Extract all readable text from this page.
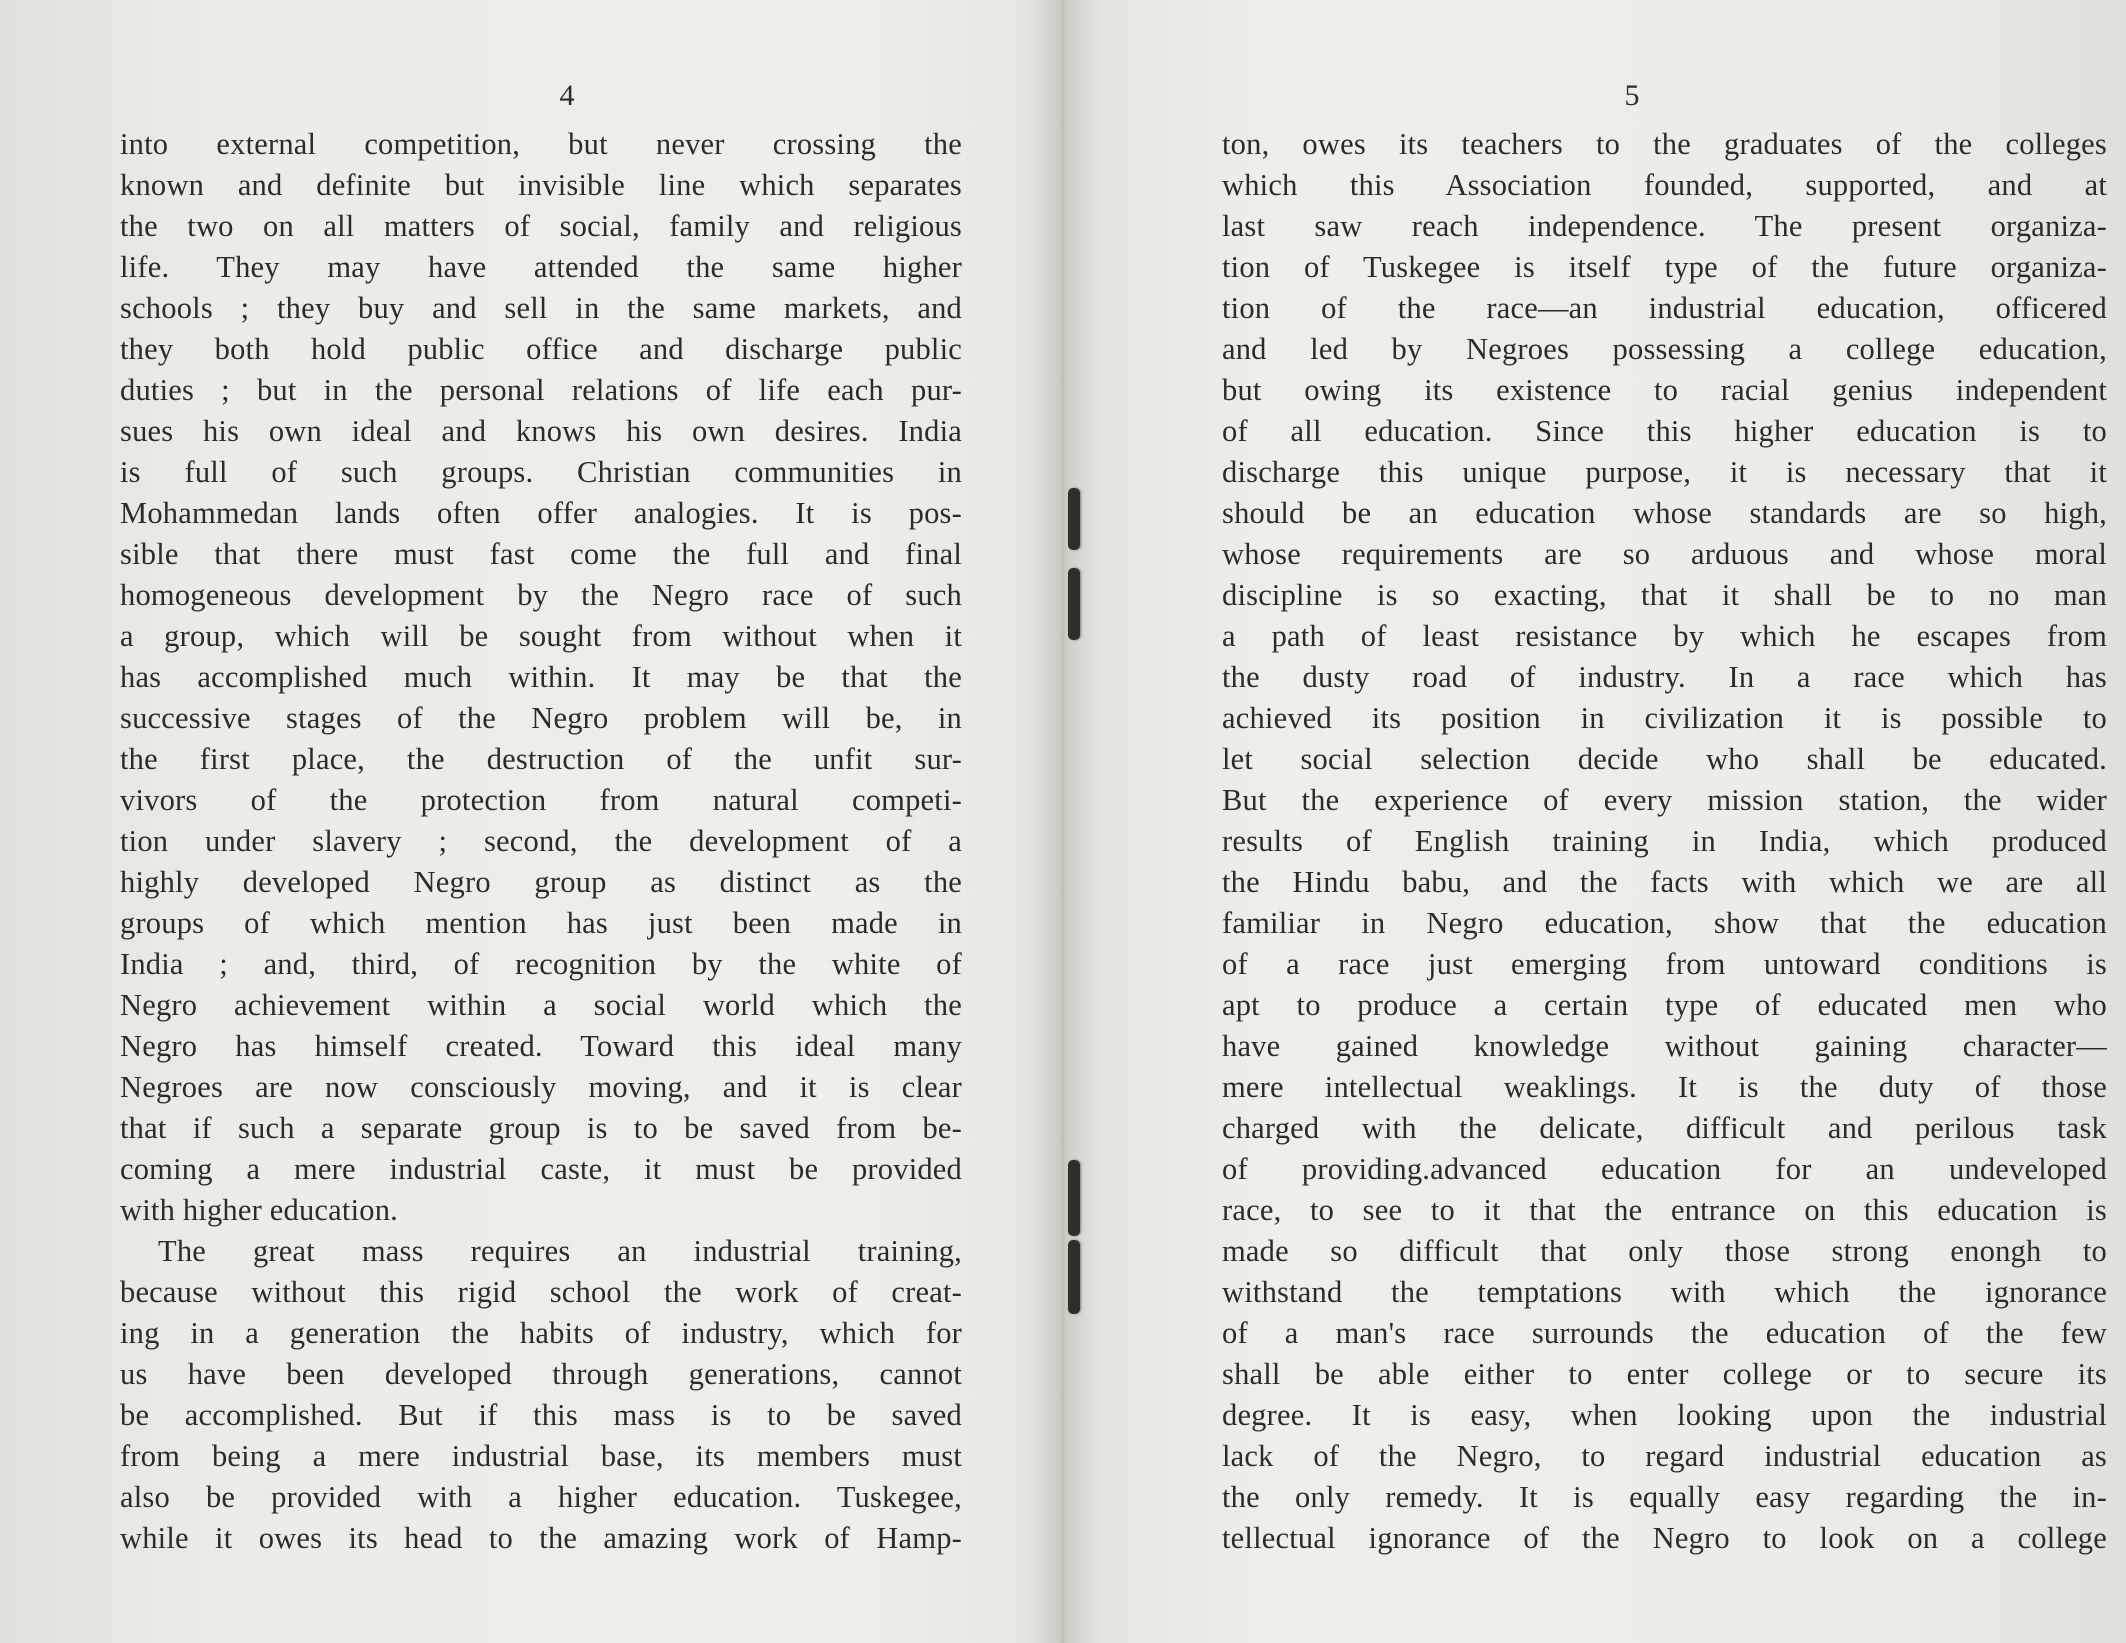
4
into external competition, but never crossing the
known and definite but invisible line which separates
the two on all matters of social, family and religious
life. They may have attended the same higher
schools ; they buy and sell in the same markets, and
they both hold public office and discharge public
duties ; but in the personal relations of life each pur-
sues his own ideal and knows his own desires. India
is full of such groups. Christian communities in
Mohammedan lands often offer analogies. It is pos-
sible that there must fast come the full and final
homogeneous development by the Negro race of such
a group, which will be sought from without when it
has accomplished much within. It may be that the
successive stages of the Negro problem will be, in
the first place, the destruction of the unfit sur-
vivors of the protection from natural competi-
tion under slavery ; second, the development of a
highly developed Negro group as distinct as the
groups of which mention has just been made in
India ; and, third, of recognition by the white of
Negro achievement within a social world which the
Negro has himself created. Toward this ideal many
Negroes are now consciously moving, and it is clear
that if such a separate group is to be saved from be-
coming a mere industrial caste, it must be provided
with higher education.
The great mass requires an industrial training,
because without this rigid school the work of creat-
ing in a generation the habits of industry, which for
us have been developed through generations, cannot
be accomplished. But if this mass is to be saved
from being a mere industrial base, its members must
also be provided with a higher education. Tuskegee,
while it owes its head to the amazing work of Hamp-
5
ton, owes its teachers to the graduates of the colleges
which this Association founded, supported, and at
last saw reach independence. The present organiza-
tion of Tuskegee is itself type of the future organiza-
tion of the race—an industrial education, officered
and led by Negroes possessing a college education,
but owing its existence to racial genius independent
of all education. Since this higher education is to
discharge this unique purpose, it is necessary that it
should be an education whose standards are so high,
whose requirements are so arduous and whose moral
discipline is so exacting, that it shall be to no man
a path of least resistance by which he escapes from
the dusty road of industry. In a race which has
achieved its position in civilization it is possible to
let social selection decide who shall be educated.
But the experience of every mission station, the wider
results of English training in India, which produced
the Hindu babu, and the facts with which we are all
familiar in Negro education, show that the education
of a race just emerging from untoward conditions is
apt to produce a certain type of educated men who
have gained knowledge without gaining character—
mere intellectual weaklings. It is the duty of those
charged with the delicate, difficult and perilous task
of providing.advanced education for an undeveloped
race, to see to it that the entrance on this education is
made so difficult that only those strong enongh to
withstand the temptations with which the ignorance
of a man's race surrounds the education of the few
shall be able either to enter college or to secure its
degree. It is easy, when looking upon the industrial
lack of the Negro, to regard industrial education as
the only remedy. It is equally easy regarding the in-
tellectual ignorance of the Negro to look on a college
